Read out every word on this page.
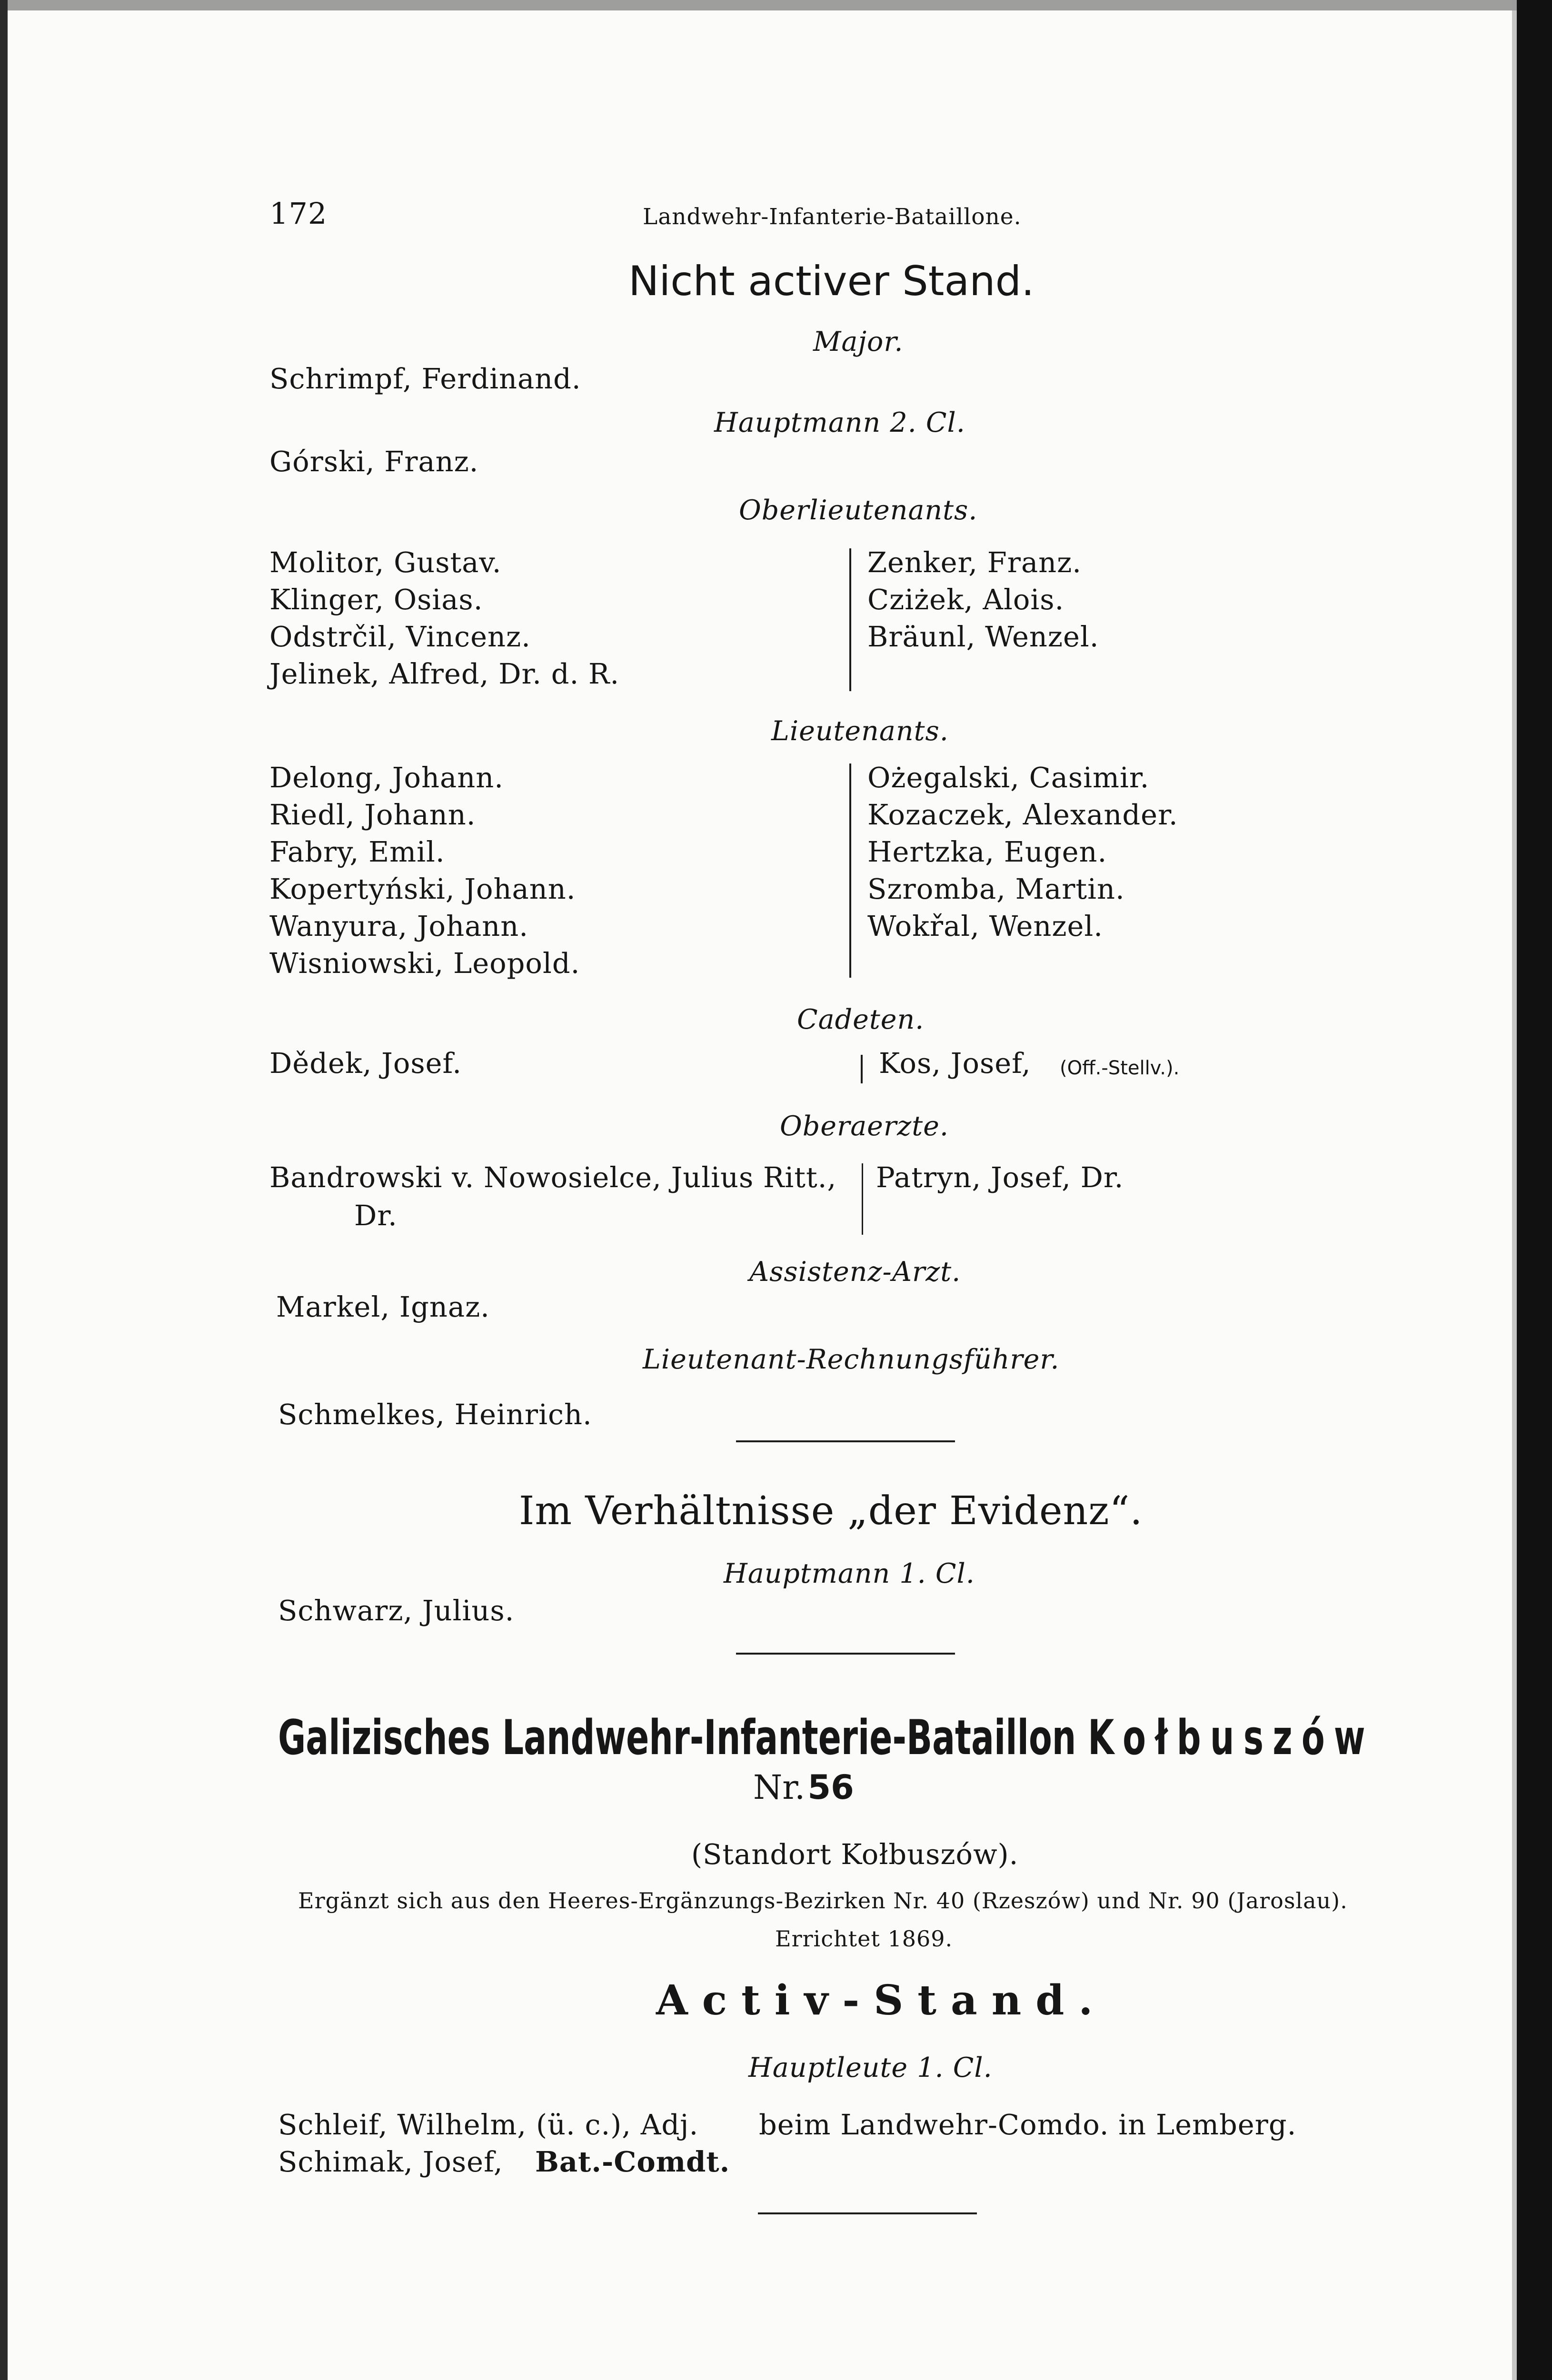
172	Landwehr-Infanterie-Bataillone.
Nicht activer Stand.
Major.
Schrimpf, Ferdinand.
Hauptmann 2. Cl.
Górski, Franz.
Oberlieutenants.
Molitor, Gustav.
Klinger, Osias.
Odstrčil, Vincenz.
Jelinek, Alfred, Dr. d. R.
Zenker, Franz.
Cziżek, Alois.
Bräunl, Wenzel.
Lieutenants.
Delong, Johann.
Riedl, Johann.
Fabry, Emil.
Kopertyński, Johann.
Wanyura, Johann.
Wisniowski, Leopold.
Ożegalski, Casimir.
Kozaczek, Alexander.
Hertzka, Eugen.
Szromba, Martin.
Wokřal, Wenzel.
Cadeten.
Dědek, Josef.	Kos, Josef, (Off.-Stellv.).
Oberaerzte.
Bandrowski v. Nowosielce, Julius Ritt.,
Dr.
Patryn, Josef, Dr.
Assistenz-Arzt.
Markel, Ignaz.
Lieutenant-Rechnungsführer.
Schmelkes, Heinrich.
Im Verhältnisse „der Evidenz“.
Hauptmann 1. Cl.
Schwarz, Julius.
Galizisches Landwehr-Infanterie-Bataillon Kołbuszów
Nr. 56
(Standort Kołbuszów).
Ergänzt sich aus den Heeres-Ergänzungs-Bezirken Nr. 40 (Rzeszów) und Nr. 90 (Jaroslau).
Errichtet 1869.
Activ-Stand.
Hauptleute 1. Cl.
Schleif, Wilhelm, (ü. c.), Adj. beim Landwehr-Comdo. in Lemberg.
Schimak, Josef, Bat.-Comdt.
